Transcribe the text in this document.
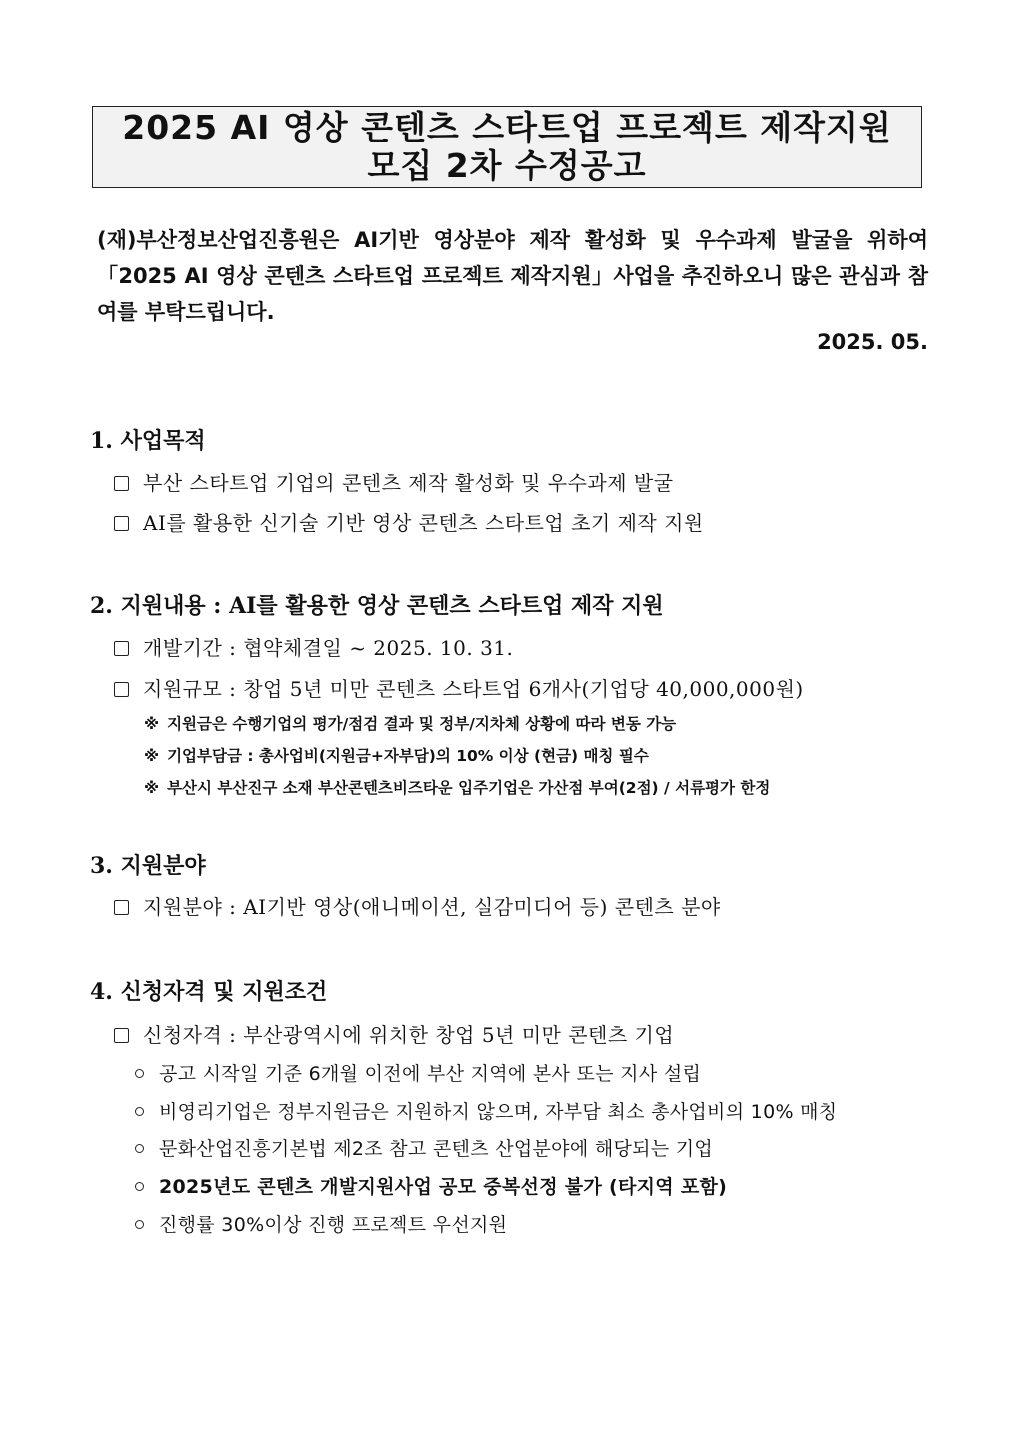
2025 AI 영상 콘텐츠 스타트업 프로젝트 제작지원
모집 2차 수정공고
(재)부산정보산업진흥원은 AI기반 영상분야 제작 활성화 및 우수과제 발굴을 위하여 「2025 AI 영상 콘텐츠 스타트업 프로젝트 제작지원」사업을 추진하오니 많은 관심과 참여를 부탁드립니다.
2025. 05.
1. 사업목적
부산 스타트업 기업의 콘텐츠 제작 활성화 및 우수과제 발굴
AI를 활용한 신기술 기반 영상 콘텐츠 스타트업 초기 제작 지원
2. 지원내용 : AI를 활용한 영상 콘텐츠 스타트업 제작 지원
개발기간 : 협약체결일 ~ 2025. 10. 31.
지원규모 : 창업 5년 미만 콘텐츠 스타트업 6개사(기업당 40,000,000원)
※ 지원금은 수행기업의 평가/점검 결과 및 정부/지차체 상황에 따라 변동 가능
※ 기업부담금 : 총사업비(지원금+자부담)의 10% 이상 (현금) 매칭 필수
※ 부산시 부산진구 소재 부산콘텐츠비즈타운 입주기업은 가산점 부여(2점) / 서류평가 한정
3. 지원분야
지원분야 : AI기반 영상(애니메이션, 실감미디어 등) 콘텐츠 분야
4. 신청자격 및 지원조건
신청자격 : 부산광역시에 위치한 창업 5년 미만 콘텐츠 기업
공고 시작일 기준 6개월 이전에 부산 지역에 본사 또는 지사 설립
비영리기업은 정부지원금은 지원하지 않으며, 자부담 최소 총사업비의 10% 매칭
문화산업진흥기본법 제2조 참고 콘텐츠 산업분야에 해당되는 기업
2025년도 콘텐츠 개발지원사업 공모 중복선정 불가 (타지역 포함)
진행률 30%이상 진행 프로젝트 우선지원
